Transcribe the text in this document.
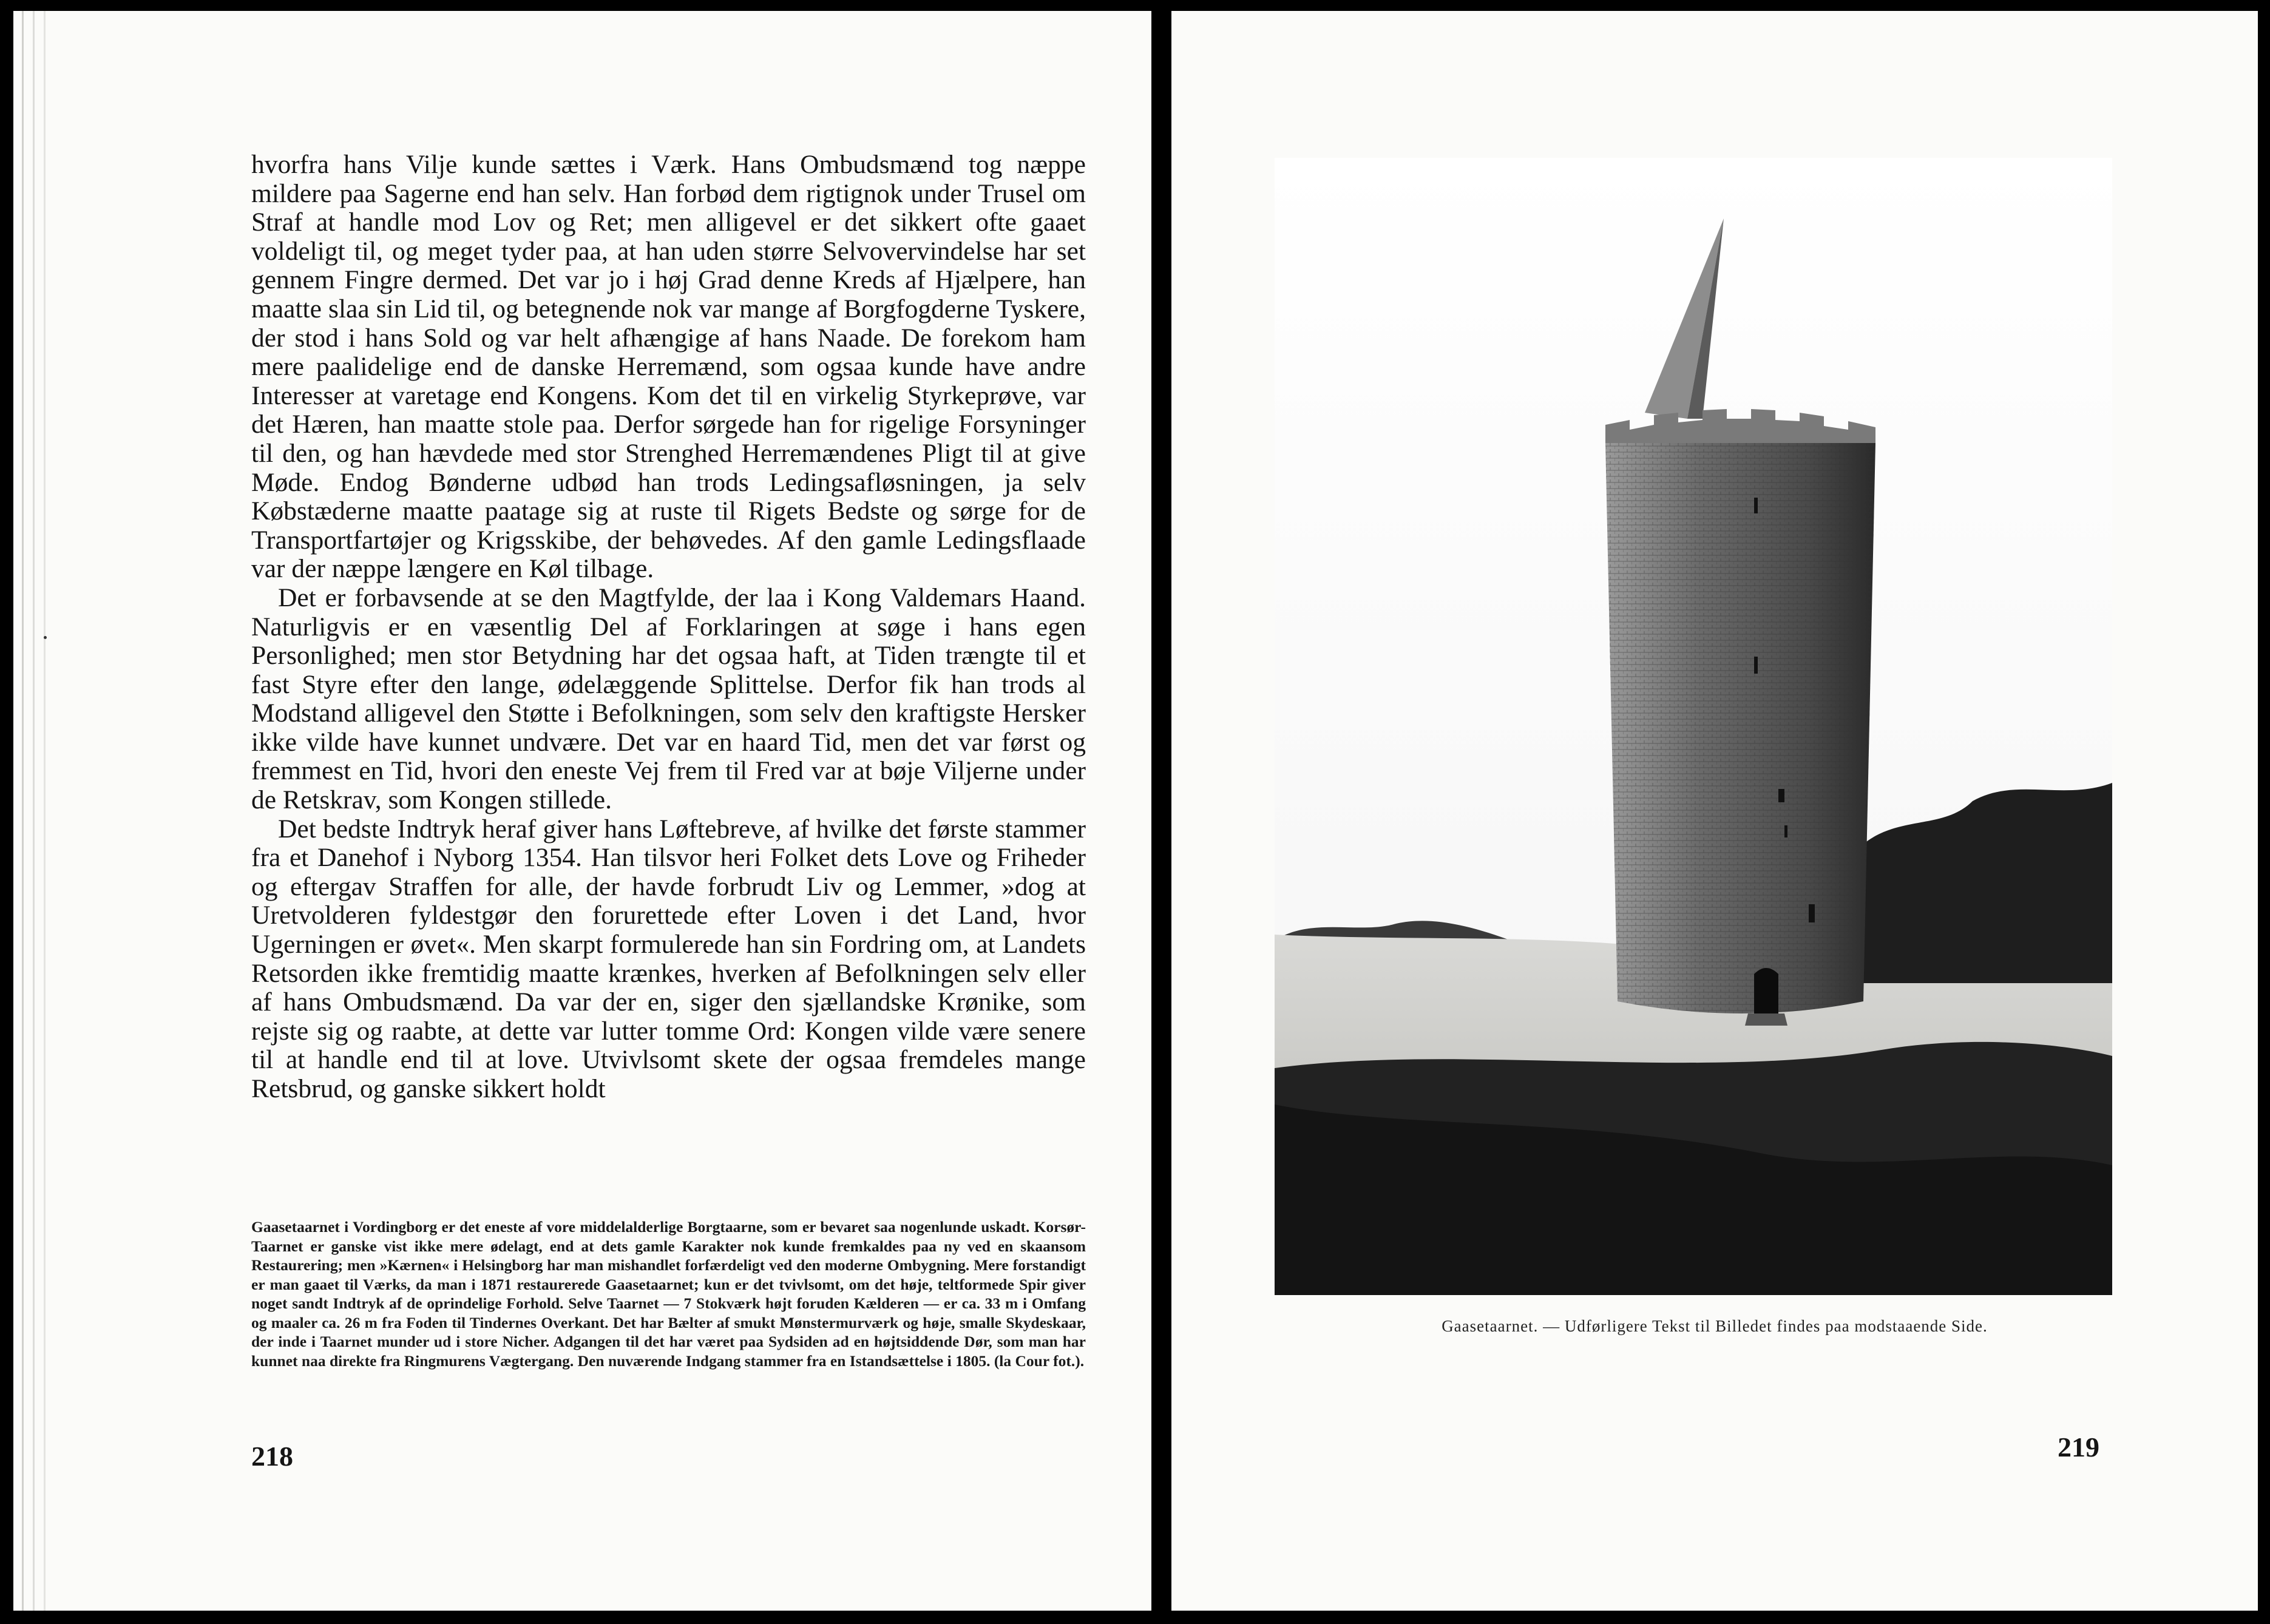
hvorfra hans Vilje kunde sættes i Værk. Hans Ombudsmænd tog næppe mildere paa Sagerne end han selv. Han forbød dem rigtignok under Trusel om Straf at handle mod Lov og Ret; men alligevel er det sikkert ofte gaaet voldeligt til, og meget tyder paa, at han uden større Selvovervindelse har set gennem Fingre dermed. Det var jo i høj Grad denne Kreds af Hjælpere, han maatte slaa sin Lid til, og betegnende nok var mange af Borgfogderne Tyskere, der stod i hans Sold og var helt afhængige af hans Naade. De forekom ham mere paalidelige end de danske Herremænd, som ogsaa kunde have andre Interesser at varetage end Kongens. Kom det til en virkelig Styrkeprøve, var det Hæren, han maatte stole paa. Derfor sørgede han for rigelige Forsyninger til den, og han hævdede med stor Strenghed Herremændenes Pligt til at give Møde. Endog Bønderne udbød han trods Ledingsafløsningen, ja selv Købstæderne maatte paatage sig at ruste til Rigets Bedste og sørge for de Transportfartøjer og Krigsskibe, der behøvedes. Af den gamle Ledingsflaade var der næppe længere en Køl tilbage.

Det er forbavsende at se den Magtfylde, der laa i Kong Valdemars Haand. Naturligvis er en væsentlig Del af Forklaringen at søge i hans egen Personlighed; men stor Betydning har det ogsaa haft, at Tiden trængte til et fast Styre efter den lange, ødelæggende Splittelse. Derfor fik han trods al Modstand alligevel den Støtte i Befolkningen, som selv den kraftigste Hersker ikke vilde have kunnet undvære. Det var en haard Tid, men det var først og fremmest en Tid, hvori den eneste Vej frem til Fred var at bøje Viljerne under de Retskrav, som Kongen stillede.

Det bedste Indtryk heraf giver hans Løftebreve, af hvilke det første stammer fra et Danehof i Nyborg 1354. Han tilsvor heri Folket dets Love og Friheder og eftergav Straffen for alle, der havde forbrudt Liv og Lemmer, »dog at Uretvolderen fyldestgør den forurettede efter Loven i det Land, hvor Ugerningen er øvet«. Men skarpt formulerede han sin Fordring om, at Landets Retsorden ikke fremtidig maatte krænkes, hverken af Befolkningen selv eller af hans Ombudsmænd. Da var der en, siger den sjællandske Krønike, som rejste sig og raabte, at dette var lutter tomme Ord: Kongen vilde være senere til at handle end til at love. Utvivlsomt skete der ogsaa fremdeles mange Retsbrud, og ganske sikkert holdt

Gaasetaarnet i Vordingborg er det eneste af vore middelalderlige Borgtaarne, som er bevaret saa nogenlunde uskadt. Korsør-Taarnet er ganske vist ikke mere ødelagt, end at dets gamle Karakter nok kunde fremkaldes paa ny ved en skaansom Restaurering; men »Kærnen« i Helsingborg har man mishandlet forfærdeligt ved den moderne Ombygning. Mere forstandigt er man gaaet til Værks, da man i 1871 restaurerede Gaasetaarnet; kun er det tvivlsomt, om det høje, teltformede Spir giver noget sandt Indtryk af de oprindelige Forhold. Selve Taarnet — 7 Stokværk højt foruden Kælderen — er ca. 33 m i Omfang og maaler ca. 26 m fra Foden til Tindernes Overkant. Det har Bælter af smukt Mønstermurværk og høje, smalle Skydeskaar, der inde i Taarnet munder ud i store Nicher. Adgangen til det har været paa Sydsiden ad en højtsiddende Dør, som man har kunnet naa direkte fra Ringmurens Vægtergang. Den nuværende Indgang stammer fra en Istandsættelse i 1805. (la Cour fot.).
218
Gaasetaarnet. — Udførligere Tekst til Billedet findes paa modstaaende Side.
219
